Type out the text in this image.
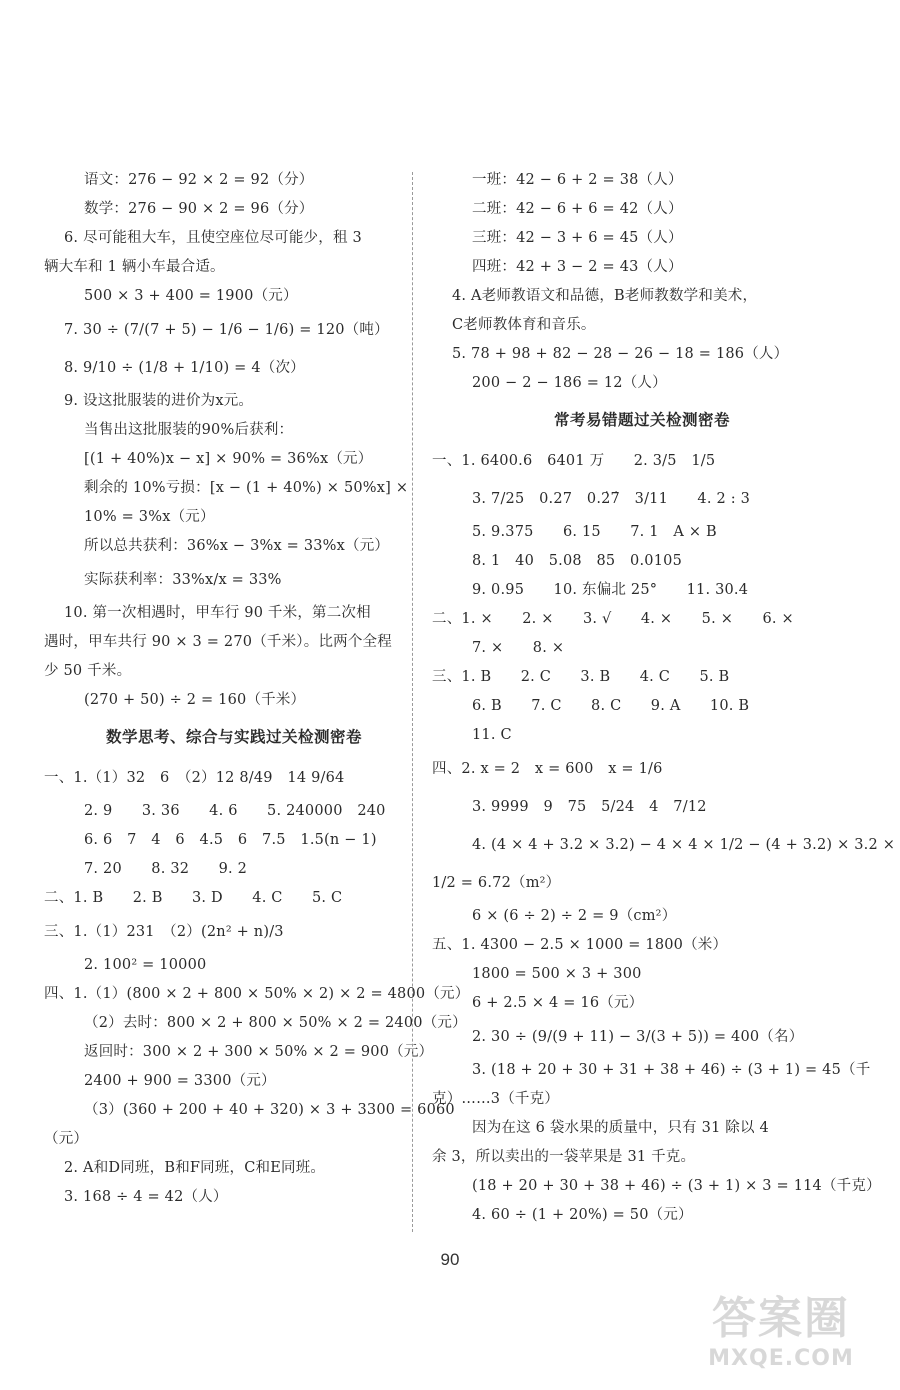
语文：276 − 92 × 2 = 92（分）
数学：276 − 90 × 2 = 96（分）
6. 尽可能租大车，且使空座位尽可能少，租 3
辆大车和 1 辆小车最合适。
500 × 3 + 400 = 1900（元）
7. 30 ÷ (7/(7 + 5) − 1/6 − 1/6) = 120（吨）
8. 9/10 ÷ (1/8 + 1/10) = 4（次）
9. 设这批服装的进价为x元。
当售出这批服装的90%后获利：
[(1 + 40%)x − x] × 90% = 36%x（元）
剩余的 10%亏损：[x − (1 + 40%) × 50%x] ×
10% = 3%x（元）
所以总共获利：36%x − 3%x = 33%x（元）
实际获利率：33%x/x = 33%
10. 第一次相遇时，甲车行 90 千米，第二次相
遇时，甲车共行 90 × 3 = 270（千米）。比两个全程
少 50 千米。
(270 + 50) ÷ 2 = 160（千米）
数学思考、综合与实践过关检测密卷
一、1.（1）32　6　（2）12 8/49　14 9/64
2. 9　　3. 36　　4. 6　　5. 240000　240
6. 6　7　4　6　4.5　6　7.5　1.5(n − 1)
7. 20　　8. 32　　9. 2
二、1. B　　2. B　　3. D　　4. C　　5. C
三、1.（1）231　（2）(2n² + n)/3
2. 100² = 10000
四、1.（1）(800 × 2 + 800 × 50% × 2) × 2 = 4800（元）
（2）去时：800 × 2 + 800 × 50% × 2 = 2400（元）
返回时：300 × 2 + 300 × 50% × 2 = 900（元）
2400 + 900 = 3300（元）
（3）(360 + 200 + 40 + 320) × 3 + 3300 = 6060
（元）
2. A和D同班，B和F同班，C和E同班。
3. 168 ÷ 4 = 42（人）
一班：42 − 6 + 2 = 38（人）
二班：42 − 6 + 6 = 42（人）
三班：42 − 3 + 6 = 45（人）
四班：42 + 3 − 2 = 43（人）
4. A老师教语文和品德，B老师教数学和美术，
C老师教体育和音乐。
5. 78 + 98 + 82 − 28 − 26 − 18 = 186（人）
200 − 2 − 186 = 12（人）
常考易错题过关检测密卷
一、1. 6400.6　6401 万　　2. 3/5　1/5
3. 7/25　0.27　0.2̇7̇　3/11　　4. 2 : 3
5. 9.375　　6. 15　　7. 1　A × B
8. 1　40　5.08　85　0.0105
9. 0.95　　10. 东偏北 25°　　11. 30.4
二、1. ×　　2. ×　　3. √　　4. ×　　5. ×　　6. ×
7. ×　　8. ×
三、1. B　　2. C　　3. B　　4. C　　5. B
6. B　　7. C　　8. C　　9. A　　10. B
11. C
四、2. x = 2　x = 600　x = 1/6
3. 9999　9　75　5/24　4　7/12
4. (4 × 4 + 3.2 × 3.2) − 4 × 4 × 1/2 − (4 + 3.2) × 3.2 ×
1/2 = 6.72（m²）
6 × (6 ÷ 2) ÷ 2 = 9（cm²）
五、1. 4300 − 2.5 × 1000 = 1800（米）
1800 = 500 × 3 + 300
6 + 2.5 × 4 = 16（元）
2. 30 ÷ (9/(9 + 11) − 3/(3 + 5)) = 400（名）
3. (18 + 20 + 30 + 31 + 38 + 46) ÷ (3 + 1) = 45（千
克）……3（千克）
因为在这 6 袋水果的质量中，只有 31 除以 4
余 3，所以卖出的一袋苹果是 31 千克。
(18 + 20 + 30 + 38 + 46) ÷ (3 + 1) × 3 = 114（千克）
4. 60 ÷ (1 + 20%) = 50（元）
90
答案圈
MXQE.COM
